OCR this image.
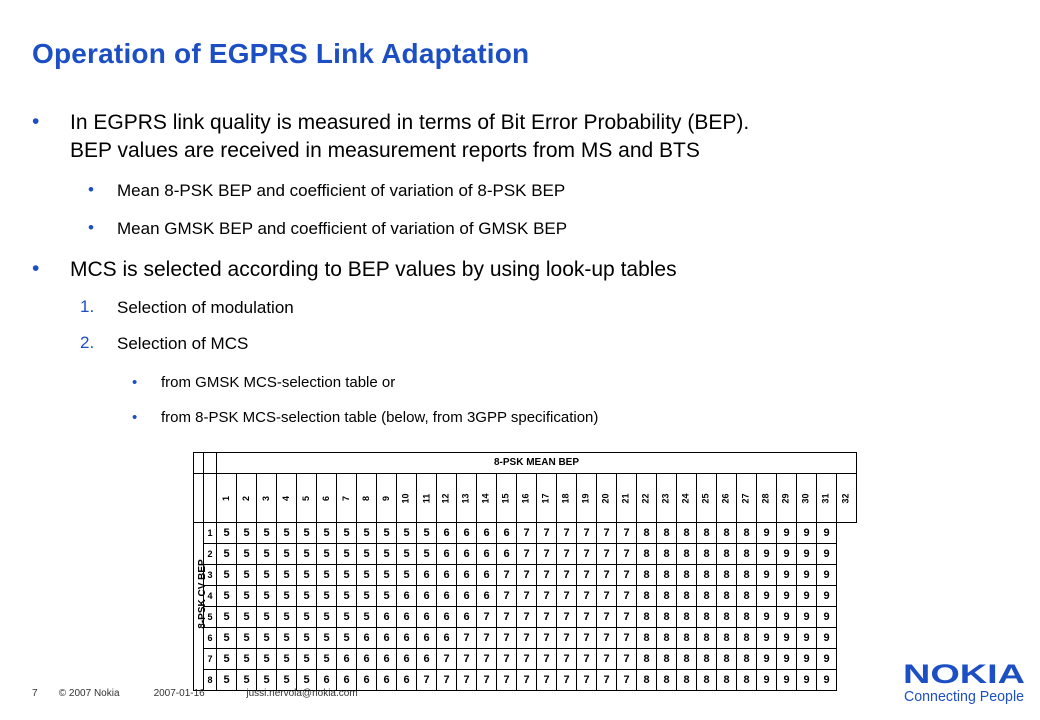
Operation of EGPRS Link Adaptation
• In EGPRS link quality is measured in terms of Bit Error Probability (BEP).
BEP values are received in measurement reports from MS and BTS
• Mean 8-PSK BEP and coefficient of variation of 8-PSK BEP
• Mean GMSK BEP and coefficient of variation of GMSK BEP
• MCS is selected according to BEP values by using look-up tables
1. Selection of modulation
2. Selection of MCS
• from GMSK MCS-selection table or
• from 8-PSK MCS-selection table (below, from 3GPP specification)
		8-PSK MEAN BEP																															
		1	2	3	4	5	6	7	8	9	10	11	12	13	14	15	16	17	18	19	20	21	22	23	24	25	26	27	28	29	30	31	32

8-PSK CV BEP	1	5	5	5	5	5	5	5	5	5	5	5	6	6	6	6	7	7	7	7	7	7	8	8	8	8	8	8	9	9	9	9	
	2	5	5	5	5	5	5	5	5	5	5	5	6	6	6	6	7	7	7	7	7	7	8	8	8	8	8	8	9	9	9	9	
	3	5	5	5	5	5	5	5	5	5	5	6	6	6	6	7	7	7	7	7	7	7	8	8	8	8	8	8	9	9	9	9	
	4	5	5	5	5	5	5	5	5	5	6	6	6	6	6	7	7	7	7	7	7	7	8	8	8	8	8	8	9	9	9	9	
	5	5	5	5	5	5	5	5	5	6	6	6	6	6	7	7	7	7	7	7	7	7	8	8	8	8	8	8	9	9	9	9	
	6	5	5	5	5	5	5	5	6	6	6	6	6	7	7	7	7	7	7	7	7	7	8	8	8	8	8	8	9	9	9	9	
	7	5	5	5	5	5	5	6	6	6	6	6	7	7	7	7	7	7	7	7	7	7	8	8	8	8	8	8	9	9	9	9	
	8	5	5	5	5	5	6	6	6	6	6	7	7	7	7	7	7	7	7	7	7	7	8	8	8	8	8	8	9	9	9	9	
7 © 2007 Nokia	2007-01-16	jussi.nervola@nokia.com
NOKIA
Connecting People
